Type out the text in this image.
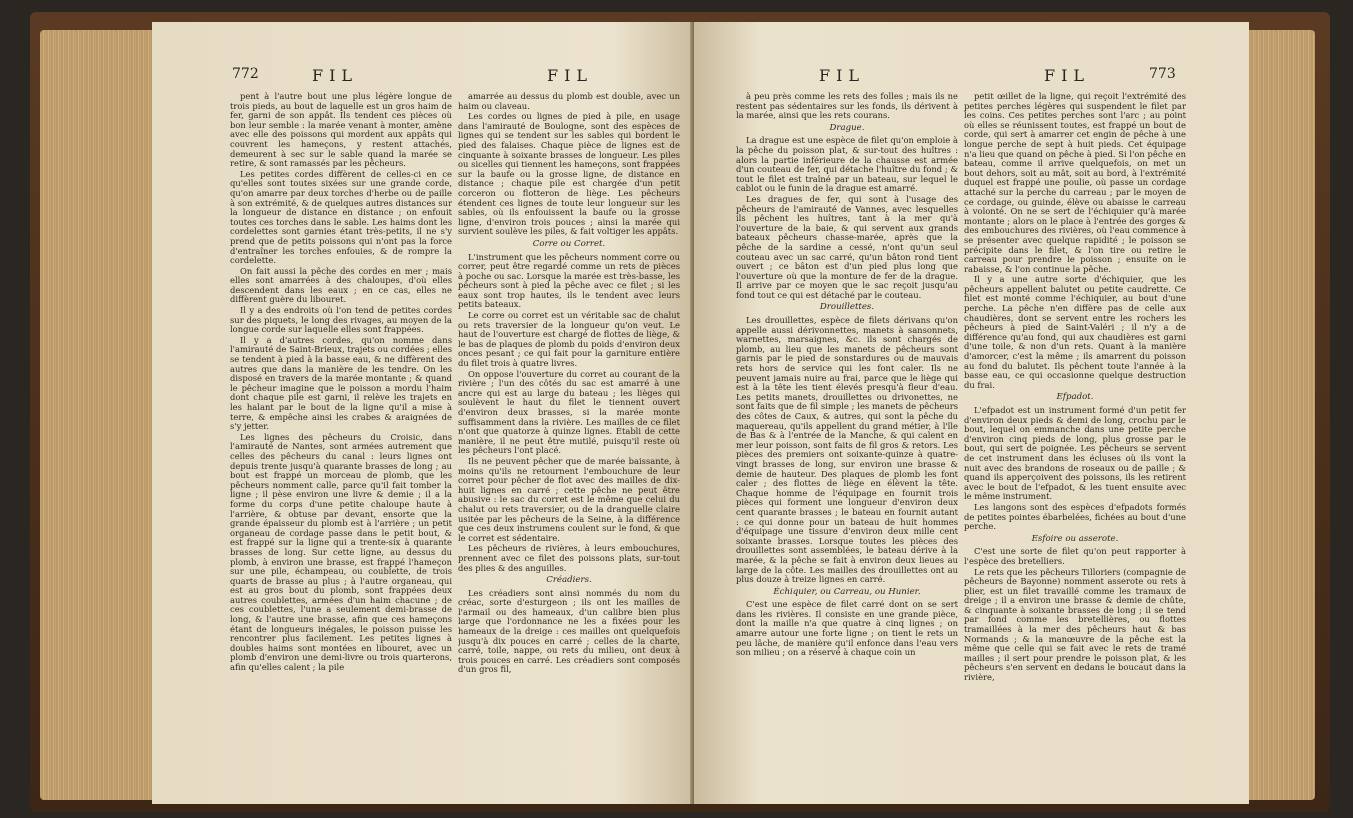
772	FIL	FIL

pent à l'autre bout une plus légère longue de trois pieds, au bout de laquelle est un gros haim de fer, garni de son appât. Ils tendent ces pièces où bon leur semble : la marée venant à monter, amène avec elle des poissons qui mordent aux appâts qui couvrent les hameçons, y restent attachés, demeurent à sec sur le sable quand la marée se retire, & sont ramassés par les pêcheurs.

Les petites cordes diffèrent de celles-ci en ce qu'elles sont toutes sixées sur une grande corde, qu'on amarre par deux torches d'herbe ou de paille à son extrémité, & de quelques autres distances sur la longueur de distance en distance ; on enfouit toutes ces torches dans le sable. Les haims dont les cordelettes sont garnies étant très-petits, il ne s'y prend que de petits poissons qui n'ont pas la force d'entraîner les torches enfouies, & de rompre la cordelette.

On fait aussi la pêche des cordes en mer ; mais elles sont amarrées à des chaloupes, d'où elles descendent dans les eaux ; en ce cas, elles ne diffèrent guère du libouret.

Il y a des endroits où l'on tend de petites cordes sur des piquets, le long des rivages, au moyen de la longue corde sur laquelle elles sont frappées.

Il y a d'autres cordes, qu'on nomme dans l'amirauté de Saint-Brieux, trajets ou cordées ; elles se tendent à pied à la basse eau, & ne diffèrent des autres que dans la manière de les tendre. On les disposé en travers de la marée montante ; & quand le pêcheur imagine que le poisson a mordu l'haim dont chaque pile est garni, il relève les trajets en les halant par le bout de la ligne qu'il a mise à terre, & empêche ainsi les crabes & araignées de s'y jetter.

Les lignes des pêcheurs du Croisic, dans l'amirauté de Nantes, sont armées autrement que celles des pêcheurs du canal : leurs lignes ont depuis trente jusqu'à quarante brasses de long ; au bout est frappé un morceau de plomb, que les pêcheurs nomment calle, parce qu'il fait tomber la ligne ; il pèse environ une livre & demie ; il a la forme du corps d'une petite chaloupe haute à l'arrière, & obtuse par devant, ensorte que la grande épaisseur du plomb est à l'arrière ; un petit organeau de cordage passe dans le petit bout, & est frappé sur la ligne qui a trente-six à quarante brasses de long. Sur cette ligne, au dessus du plomb, à environ une brasse, est frappé l'hameçon sur une pile, échampeau, ou coublette, de trois quarts de brasse au plus ; à l'autre organeau, qui est au gros bout du plomb, sont frappées deux autres coublettes, armées d'un haim chacune ; de ces coublettes, l'une a seulement demi-brasse de long, & l'autre une brasse, afin que ces hameçons étant de longueurs inégales, le poisson puisse les rencontrer plus facilement. Les petites lignes à doubles haims sont montées en libouret, avec un plomb d'environ une demi-livre ou trois quarterons, afin qu'elles calent ; la pile

amarrée au dessus du plomb est double, avec un haim ou claveau.

Les cordes ou lignes de pied à pile, en usage dans l'amirauté de Boulogne, sont des espèces de lignes qui se tendent sur les sables qui bordent le pied des falaises. Chaque pièce de lignes est de cinquante à soixante brasses de longueur. Les piles ou sicelles qui tiennent les hameçons, sont frappées sur la baufe ou la grosse ligne, de distance en distance ; chaque pile est chargée d'un petit corceron ou flotteron de liège. Les pêcheurs étendent ces lignes de toute leur longueur sur les sables, où ils enfouissent la baufe ou la grosse ligne, d'environ trois pouces ; ainsi la marée qui survient soulève les piles, & fait voltiger les appâts.

Corre ou Corret.

L'instrument que les pêcheurs nomment corre ou correr, peut être regardé comme un rets de pièces à poche ou sac. Lorsque la marée est très-basse, les pêcheurs sont à pied la pêche avec ce filet ; si les eaux sont trop hautes, ils le tendent avec leurs petits bateaux.

Le corre ou corret est un véritable sac de chalut ou rets traversier de la longueur qu'on veut. Le haut de l'ouverture est chargé de flottes de liège, & le bas de plaques de plomb du poids d'environ deux onces pesant ; ce qui fait pour la garniture entière du filet trois à quatre livres.

On oppose l'ouverture du corret au courant de la rivière ; l'un des côtés du sac est amarré à une ancre qui est au large du bateau ; les lièges qui soulèvent le haut du filet le tiennent ouvert d'environ deux brasses, si la marée monte suffisamment dans la rivière. Les mailles de ce filet n'ont que quatorze à quinze lignes. Établi de cette manière, il ne peut être mutilé, puisqu'il reste où les pêcheurs l'ont placé.

Ils ne peuvent pêcher que de marée baissante, à moins qu'ils ne retournent l'embouchure de leur corret pour pêcher de flot avec des mailles de dix-huit lignes en carré ; cette pêche ne peut être abusive : le sac du corret est le même que celui du chalut ou rets traversier, ou de la dranguelle claire usitée par les pêcheurs de la Seine, à la différence que ces deux instrumens coulent sur le fond, & que le corret est sédentaire.

Les pêcheurs de rivières, à leurs embouchures, prennent avec ce filet des poissons plats, sur-tout des plies & des anguilles.

Créadiers.

Les créadiers sont ainsi nommés du nom du créac, sorte d'esturgeon ; ils ont les mailles de l'armail ou des hameaux, d'un calibre bien plus large que l'ordonnance ne les a fixées pour les hameaux de la dreige : ces mailles ont quelquefois jusqu'à dix pouces en carré ; celles de la charte, carré, toile, nappe, ou rets du milieu, ont deux à trois pouces en carré. Les créadiers sont composés d'un gros fil,

FIL	FIL	773

à peu près comme les rets des folles ; mais ils ne restent pas sédentaires sur les fonds, ils dérivent à la marée, ainsi que les rets courans.

Drague.

La drague est une espèce de filet qu'on emploie à la pêche du poisson plat, & sur-tout des huîtres : alors la partie inférieure de la chausse est armée d'un couteau de fer, qui détache l'huître du fond ; & tout le filet est traîné par un bateau, sur lequel le cablot ou le funin de la drague est amarré.

Les dragues de fer, qui sont à l'usage des pêcheurs de l'amirauté de Vannes, avec lesquelles ils pêchent les huîtres, tant à la mer qu'à l'ouverture de la baie, & qui servent aux grands bateaux pêcheurs chasse-marée, après que la pêche de la sardine a cessé, n'ont qu'un seul couteau avec un sac carré, qu'un bâton rond tient ouvert ; ce bâton est d'un pied plus long que l'ouverture où que la monture de fer de la drague. Il arrive par ce moyen que le sac reçoit jusqu'au fond tout ce qui est détaché par le couteau.

Drouillettes.

Les drouillettes, espèce de filets dérivans qu'on appelle aussi dérivonnettes, manets à sansonnets, warnettes, marsaignes, &c. ils sont chargés de plomb, au lieu que les manets de pêcheurs sont garnis par le pied de sonstardures ou de mauvais rets hors de service qui les font caler. Ils ne peuvent jamais nuire au frai, parce que le liège qui est à la tête les tient élevés presqu'à fleur d'eau. Les petits manets, drouillettes ou drivonettes, ne sont faits que de fil simple ; les manets de pêcheurs des côtes de Caux, & autres, qui sont la pêche du maquereau, qu'ils appellent du grand métier, à l'île de Bas & à l'entrée de la Manche, & qui calent en mer leur poisson, sont faits de fil gros & retors. Les pièces des premiers ont soixante-quinze à quatre-vingt brasses de long, sur environ une brasse & demie de hauteur. Des plaques de plomb les font caler ; des flottes de liège en élèvent la tête. Chaque homme de l'équipage en fournit trois pièces qui forment une longueur d'environ deux cent quarante brasses ; le bateau en fournit autant : ce qui donne pour un bateau de huit hommes d'équipage une tissure d'environ deux mille cent soixante brasses. Lorsque toutes les pièces des drouillettes sont assemblées, le bateau dérive à la marée, & la pêche se fait à environ deux lieues au large de la côte. Les mailles des drouillettes ont au plus douze à treize lignes en carré.

Échiquier, ou Carreau, ou Hunier.

C'est une espèce de filet carré dont on se sert dans les rivières. Il consiste en une grande pièce, dont la maille n'a que quatre à cinq lignes ; on amarre autour une forte ligne ; on tient le rets un peu lâche, de manière qu'il enfonce dans l'eau vers son milieu ; on a réservé à chaque coin un

petit œillet de la ligne, qui reçoit l'extrémité des petites perches légères qui suspendent le filet par les coins. Ces petites perches sont l'arc ; au point où elles se réunissent toutes, est frappé un bout de corde, qui sert à amarrer cet engin de pêche à une longue perche de sept à huit pieds. Cet équipage n'a lieu que quand on pêche à pied. Si l'on pêche en bateau, comme il arrive quelquefois, on met un bout dehors, soit au mât, soit au bord, à l'extrémité duquel est frappé une poulie, où passe un cordage attaché sur la perche du carreau ; par le moyen de ce cordage, ou guinde, élève ou abaisse le carreau à volonté. On ne se sert de l'échiquier qu'à marée montante ; alors on le place à l'entrée des gorges & des embouchures des rivières, où l'eau commence à se présenter avec quelque rapidité ; le poisson se précipite dans le filet, & l'on tire ou retire le carreau pour prendre le poisson ; ensuite on le rabaisse, & l'on continue la pêche.

Il y a une autre sorte d'échiquier, que les pêcheurs appellent balutet ou petite caudrette. Ce filet est monté comme l'échiquier, au bout d'une perche. La pêche n'en diffère pas de celle aux chaudières, dont se servent entre les rochers les pêcheurs à pied de Saint-Valéri ; il n'y a de différence qu'au fond, qui aux chaudières est garni d'une toile, & non d'un rets. Quant à la manière d'amorcer, c'est la même ; ils amarrent du poisson au fond du balutet. Ils pêchent toute l'année à la basse eau, ce qui occasionne quelque destruction du frai.

Efpadot.

L'efpadot est un instrument formé d'un petit fer d'environ deux pieds & demi de long, crochu par le bout, lequel on emmanche dans une petite perche d'environ cinq pieds de long, plus grosse par le bout, qui sert de poignée. Les pêcheurs se servent de cet instrument dans les écluses où ils vont la nuit avec des brandons de roseaux ou de paille ; & quand ils apperçoivent des poissons, ils les retirent avec le bout de l'efpadot, & les tuent ensuite avec le même instrument.

Les langons sont des espèces d'efpadots formés de petites pointes ébarbelées, fichées au bout d'une perche.

Esfoire ou asserote.

C'est une sorte de filet qu'on peut rapporter à l'espèce des bretelliers.

Le rets que les pêcheurs Tilloriers (compagnie de pêcheurs de Bayonne) nomment asserote ou rets à plier, est un filet travaillé comme les tramaux de dreige ; il a environ une brasse & demie de chûte, & cinquante à soixante brasses de long ; il se tend par fond comme les bretellières, ou flottes tramaillées à la mer des pêcheurs haut & bas Normands ; & la manœuvre de la pêche est la même que celle qui se fait avec le rets de tramé mailles ; il sert pour prendre le poisson plat, & les pêcheurs s'en servent en dedans le boucaut dans la rivière,
